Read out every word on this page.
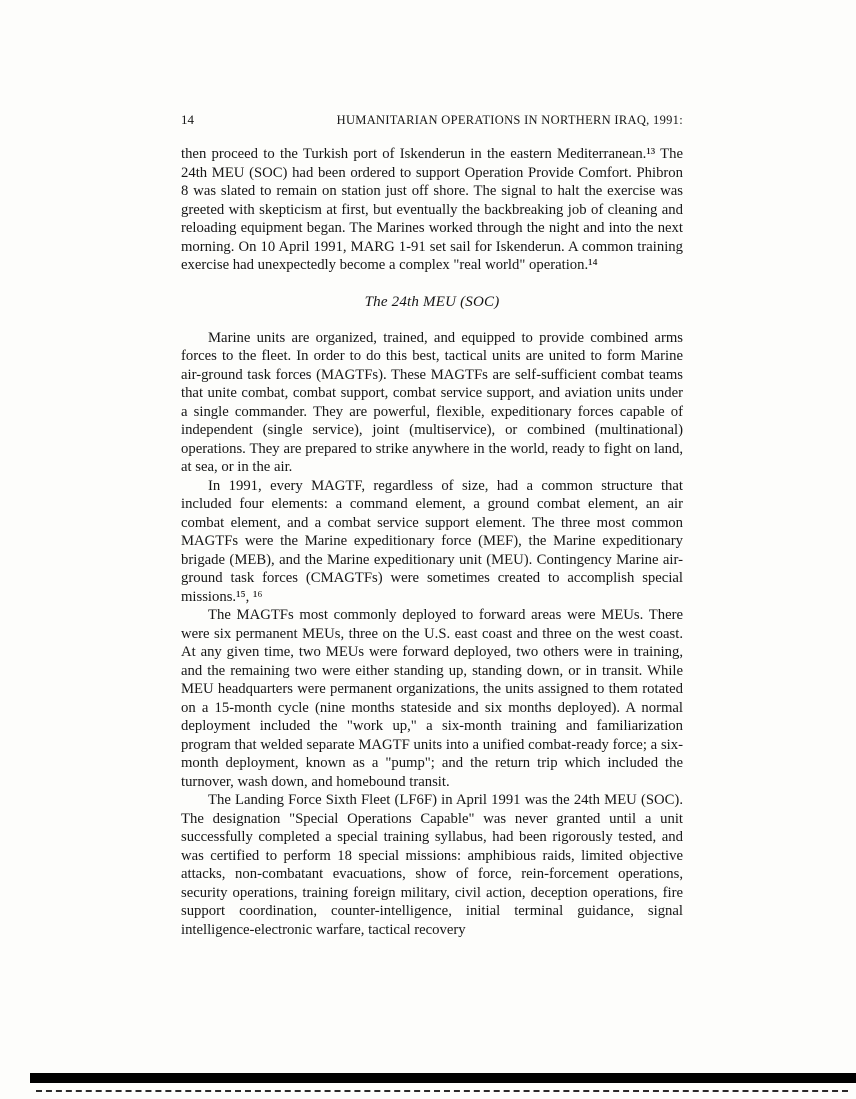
14	HUMANITARIAN OPERATIONS IN NORTHERN IRAQ, 1991:

then proceed to the Turkish port of Iskenderun in the eastern Mediterranean.¹³ The 24th MEU (SOC) had been ordered to support Operation Provide Comfort. Phibron 8 was slated to remain on station just off shore. The signal to halt the exercise was greeted with skepticism at first, but eventually the backbreaking job of cleaning and reloading equipment began. The Marines worked through the night and into the next morning. On 10 April 1991, MARG 1-91 set sail for Iskenderun. A common training exercise had unexpectedly become a complex "real world" operation.¹⁴

The 24th MEU (SOC)

Marine units are organized, trained, and equipped to provide combined arms forces to the fleet. In order to do this best, tactical units are united to form Marine air-ground task forces (MAGTFs). These MAGTFs are self-sufficient combat teams that unite combat, combat support, combat service support, and aviation units under a single commander. They are powerful, flexible, expeditionary forces capable of independent (single service), joint (multiservice), or combined (multinational) operations. They are prepared to strike anywhere in the world, ready to fight on land, at sea, or in the air.

In 1991, every MAGTF, regardless of size, had a common structure that included four elements: a command element, a ground combat element, an air combat element, and a combat service support element. The three most common MAGTFs were the Marine expeditionary force (MEF), the Marine expeditionary brigade (MEB), and the Marine expeditionary unit (MEU). Contingency Marine air-ground task forces (CMAGTFs) were sometimes created to accomplish special missions.¹⁵, ¹⁶

The MAGTFs most commonly deployed to forward areas were MEUs. There were six permanent MEUs, three on the U.S. east coast and three on the west coast. At any given time, two MEUs were forward deployed, two others were in training, and the remaining two were either standing up, standing down, or in transit. While MEU headquarters were permanent organizations, the units assigned to them rotated on a 15-month cycle (nine months stateside and six months deployed). A normal deployment included the "work up," a six-month training and familiarization program that welded separate MAGTF units into a unified combat-ready force; a six-month deployment, known as a "pump"; and the return trip which included the turnover, wash down, and homebound transit.

The Landing Force Sixth Fleet (LF6F) in April 1991 was the 24th MEU (SOC). The designation "Special Operations Capable" was never granted until a unit successfully completed a special training syllabus, had been rigorously tested, and was certified to perform 18 special missions: amphibious raids, limited objective attacks, non-combatant evacuations, show of force, rein-forcement operations, security operations, training foreign military, civil action, deception operations, fire support coordination, counter-intelligence, initial terminal guidance, signal intelligence-electronic warfare, tactical recovery
